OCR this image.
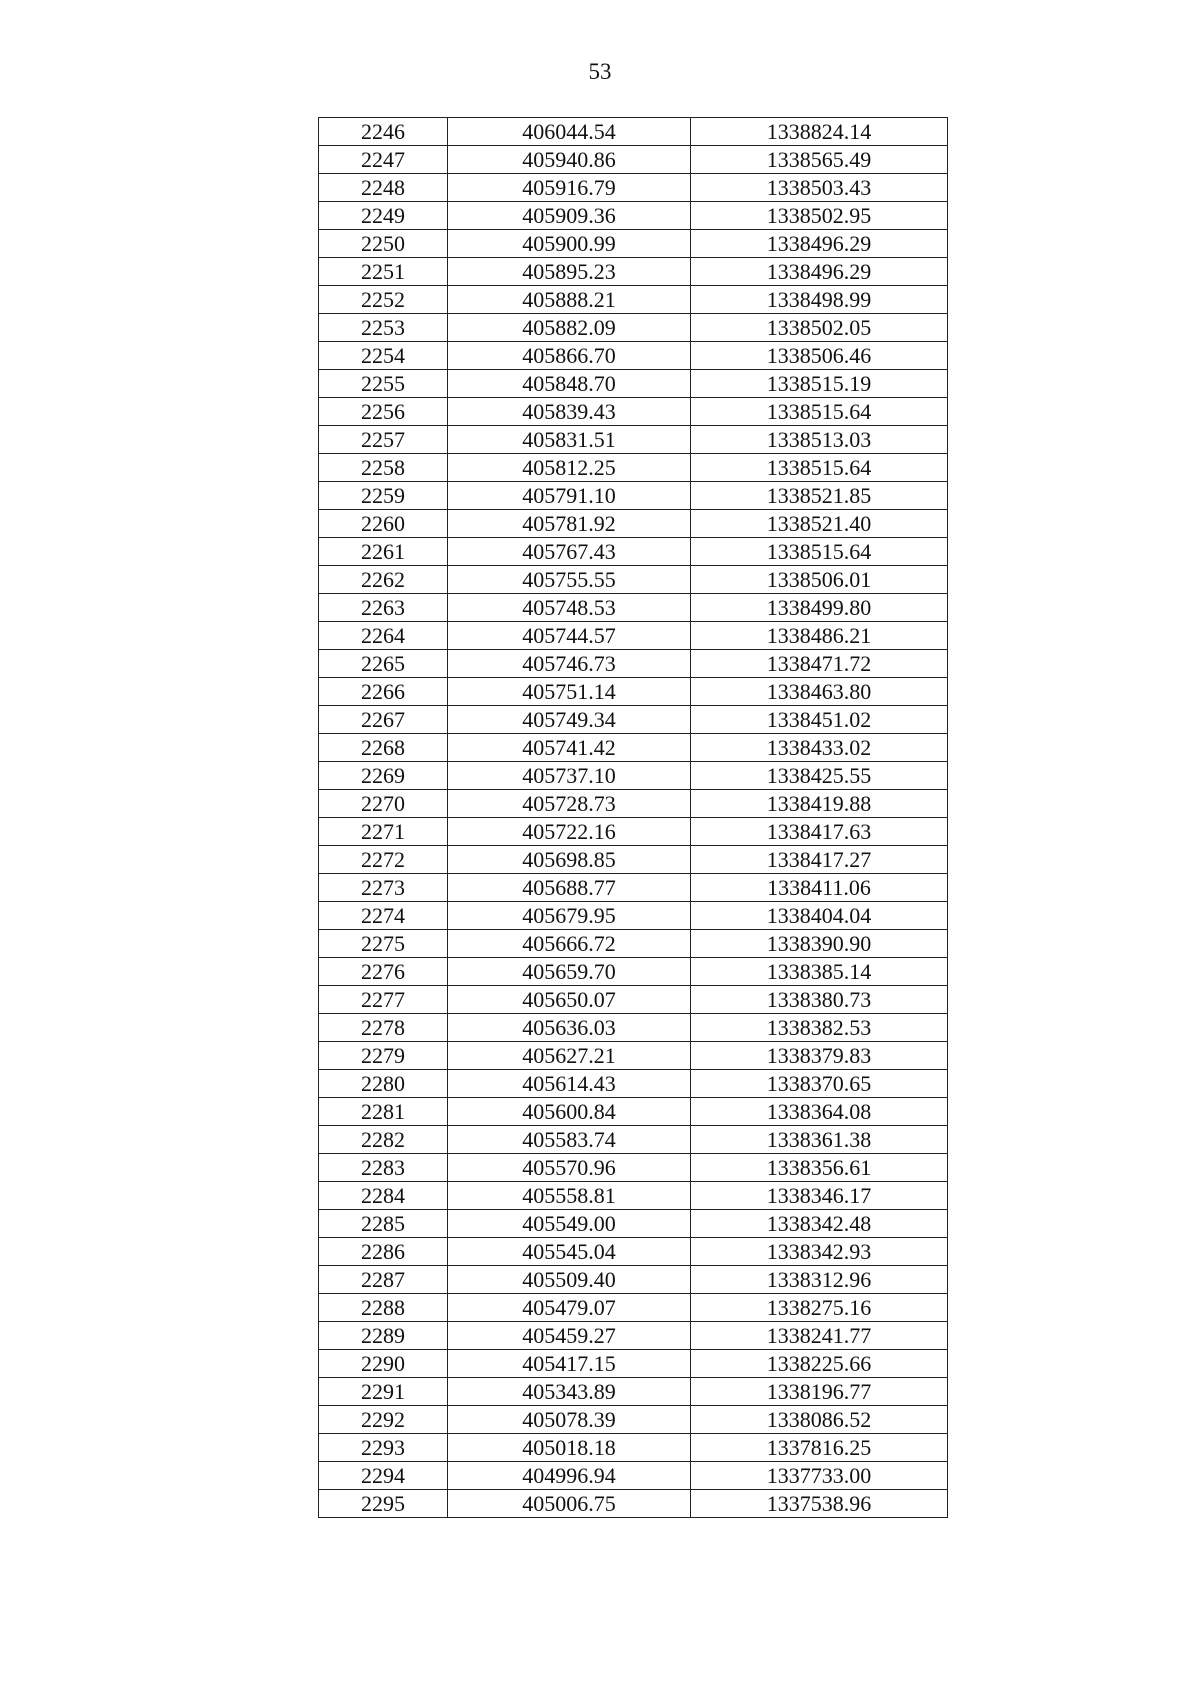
53
2246	406044.54	1338824.14
2247	405940.86	1338565.49
2248	405916.79	1338503.43
2249	405909.36	1338502.95
2250	405900.99	1338496.29
2251	405895.23	1338496.29
2252	405888.21	1338498.99
2253	405882.09	1338502.05
2254	405866.70	1338506.46
2255	405848.70	1338515.19
2256	405839.43	1338515.64
2257	405831.51	1338513.03
2258	405812.25	1338515.64
2259	405791.10	1338521.85
2260	405781.92	1338521.40
2261	405767.43	1338515.64
2262	405755.55	1338506.01
2263	405748.53	1338499.80
2264	405744.57	1338486.21
2265	405746.73	1338471.72
2266	405751.14	1338463.80
2267	405749.34	1338451.02
2268	405741.42	1338433.02
2269	405737.10	1338425.55
2270	405728.73	1338419.88
2271	405722.16	1338417.63
2272	405698.85	1338417.27
2273	405688.77	1338411.06
2274	405679.95	1338404.04
2275	405666.72	1338390.90
2276	405659.70	1338385.14
2277	405650.07	1338380.73
2278	405636.03	1338382.53
2279	405627.21	1338379.83
2280	405614.43	1338370.65
2281	405600.84	1338364.08
2282	405583.74	1338361.38
2283	405570.96	1338356.61
2284	405558.81	1338346.17
2285	405549.00	1338342.48
2286	405545.04	1338342.93
2287	405509.40	1338312.96
2288	405479.07	1338275.16
2289	405459.27	1338241.77
2290	405417.15	1338225.66
2291	405343.89	1338196.77
2292	405078.39	1338086.52
2293	405018.18	1337816.25
2294	404996.94	1337733.00
2295	405006.75	1337538.96
